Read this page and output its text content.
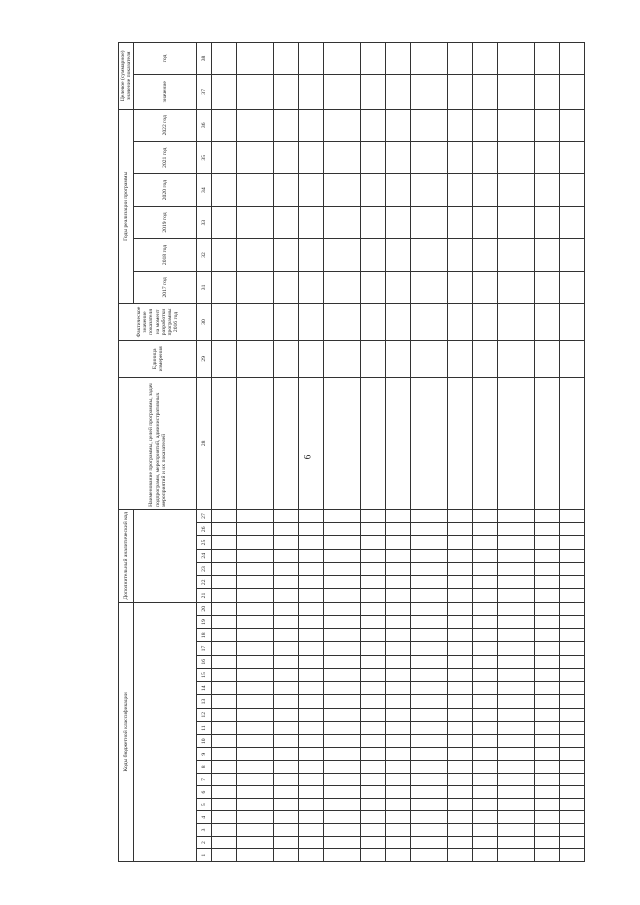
6
Коды бюджетной классификации																				Дополнительный аналитический код							Наименование программы, целей программы, задач подпрограмм, мероприятий, административных мероприятий и их показателей	Единица измерения	Фактическое значение показателя на момент разработки программы 2016 год	Годы реализации программы						Целевое (суммарное) значение показателя	
																														2017 год	2018 год	2019 год	2020 год	2021 год	2022 год	значение	год
1	2	3	4	5	6	7	8	9	10	11	12	13	14	15	16	17	18	19	20	21	22	23	24	25	26	27	28	29	30	31	32	33	34	35	36	37	38
